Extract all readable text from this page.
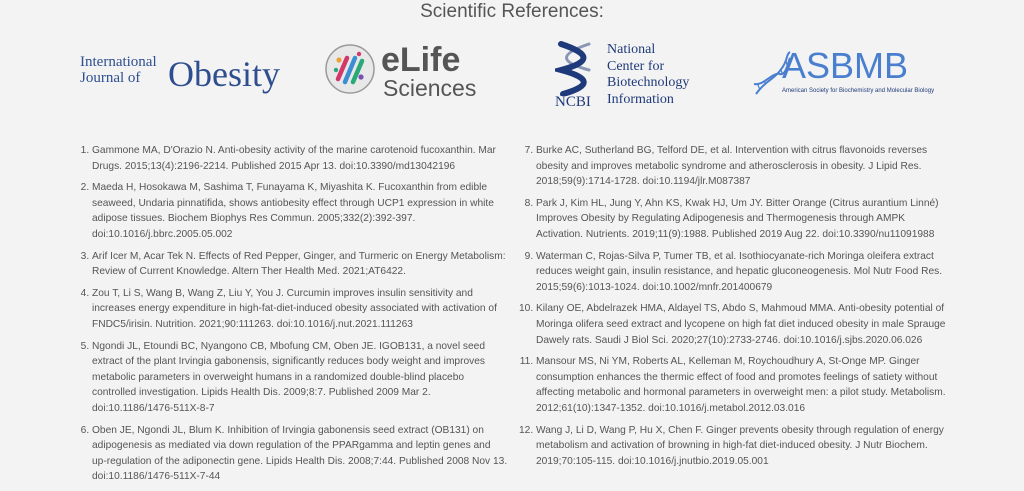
Scientific References:
International
Journal of Obesity	eLife
Sciences
NCBI
National
Center for
Biotechnology
Information
ASBMB
American Society for Biochemistry and Molecular Biology
1. Gammone MA, D'Orazio N. Anti-obesity activity of the marine carotenoid fucoxanthin. Mar Drugs. 2015;13(4):2196-2214. Published 2015 Apr 13. doi:10.3390/md13042196
2. Maeda H, Hosokawa M, Sashima T, Funayama K, Miyashita K. Fucoxanthin from edible seaweed, Undaria pinnatifida, shows antiobesity effect through UCP1 expression in white adipose tissues. Biochem Biophys Res Commun. 2005;332(2):392-397. doi:10.1016/j.bbrc.2005.05.002
3. Arif Icer M, Acar Tek N. Effects of Red Pepper, Ginger, and Turmeric on Energy Metabolism: Review of Current Knowledge. Altern Ther Health Med. 2021;AT6422.
4. Zou T, Li S, Wang B, Wang Z, Liu Y, You J. Curcumin improves insulin sensitivity and increases energy expenditure in high-fat-diet-induced obesity associated with activation of FNDC5/irisin. Nutrition. 2021;90:111263. doi:10.1016/j.nut.2021.111263
5. Ngondi JL, Etoundi BC, Nyangono CB, Mbofung CM, Oben JE. IGOB131, a novel seed extract of the plant Irvingia gabonensis, significantly reduces body weight and improves metabolic parameters in overweight humans in a randomized double-blind placebo controlled investigation. Lipids Health Dis. 2009;8:7. Published 2009 Mar 2. doi:10.1186/1476-511X-8-7
6. Oben JE, Ngondi JL, Blum K. Inhibition of Irvingia gabonensis seed extract (OB131) on adipogenesis as mediated via down regulation of the PPARgamma and leptin genes and up-regulation of the adiponectin gene. Lipids Health Dis. 2008;7:44. Published 2008 Nov 13. doi:10.1186/1476-511X-7-44
7. Burke AC, Sutherland BG, Telford DE, et al. Intervention with citrus flavonoids reverses obesity and improves metabolic syndrome and atherosclerosis in obesity. J Lipid Res. 2018;59(9):1714-1728. doi:10.1194/jlr.M087387
8. Park J, Kim HL, Jung Y, Ahn KS, Kwak HJ, Um JY. Bitter Orange (Citrus aurantium Linné) Improves Obesity by Regulating Adipogenesis and Thermogenesis through AMPK Activation. Nutrients. 2019;11(9):1988. Published 2019 Aug 22. doi:10.3390/nu11091988
9. Waterman C, Rojas-Silva P, Tumer TB, et al. Isothiocyanate-rich Moringa oleifera extract reduces weight gain, insulin resistance, and hepatic gluconeogenesis. Mol Nutr Food Res. 2015;59(6):1013-1024. doi:10.1002/mnfr.201400679
10. Kilany OE, Abdelrazek HMA, Aldayel TS, Abdo S, Mahmoud MMA. Anti-obesity potential of Moringa olifera seed extract and lycopene on high fat diet induced obesity in male Sprauge Dawely rats. Saudi J Biol Sci. 2020;27(10):2733-2746. doi:10.1016/j.sjbs.2020.06.026
11. Mansour MS, Ni YM, Roberts AL, Kelleman M, Roychoudhury A, St-Onge MP. Ginger consumption enhances the thermic effect of food and promotes feelings of satiety without affecting metabolic and hormonal parameters in overweight men: a pilot study. Metabolism. 2012;61(10):1347-1352. doi:10.1016/j.metabol.2012.03.016
12. Wang J, Li D, Wang P, Hu X, Chen F. Ginger prevents obesity through regulation of energy metabolism and activation of browning in high-fat diet-induced obesity. J Nutr Biochem. 2019;70:105-115. doi:10.1016/j.jnutbio.2019.05.001
